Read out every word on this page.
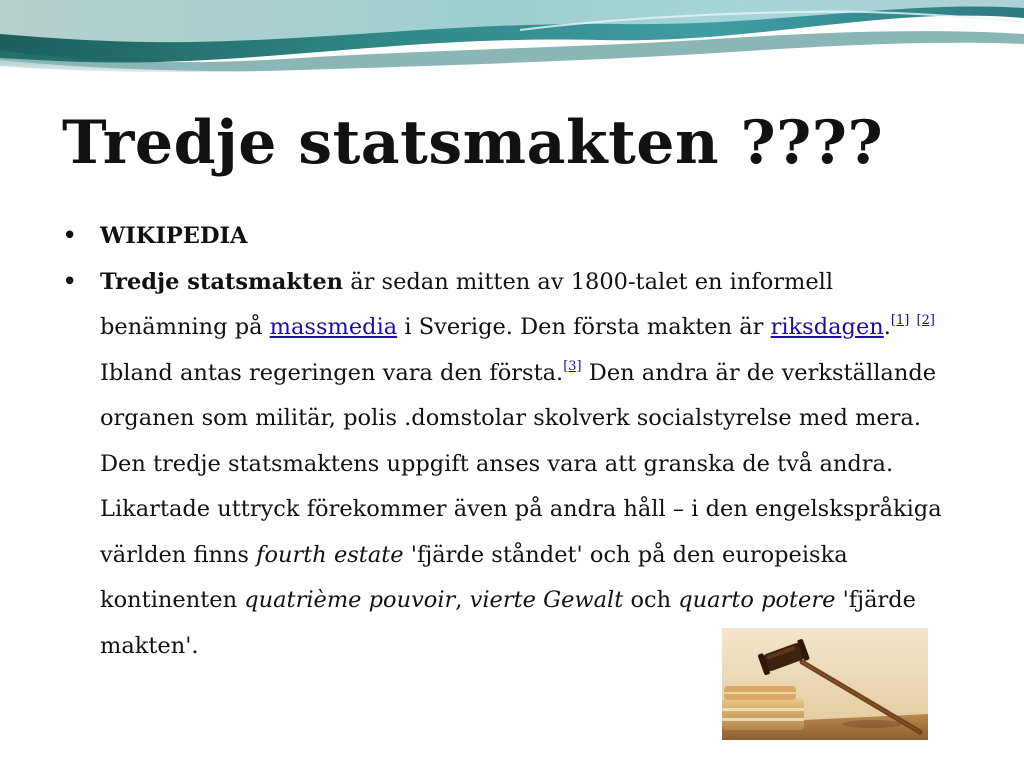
Tredje statsmakten ????
• WIKIPEDIA
• Tredje statsmakten är sedan mitten av 1800-talet en informell benämning på massmedia i Sverige. Den första makten är riksdagen.[1] [2] Ibland antas regeringen vara den första.[3] Den andra är de verkställande organen som militär, polis .domstolar skolverk socialstyrelse med mera. Den tredje statsmaktens uppgift anses vara att granska de två andra. Likartade uttryck förekommer även på andra håll – i den engelskspråkiga världen finns fourth estate 'fjärde ståndet' och på den europeiska kontinenten quatrième pouvoir, vierte Gewalt och quarto potere 'fjärde makten'.
